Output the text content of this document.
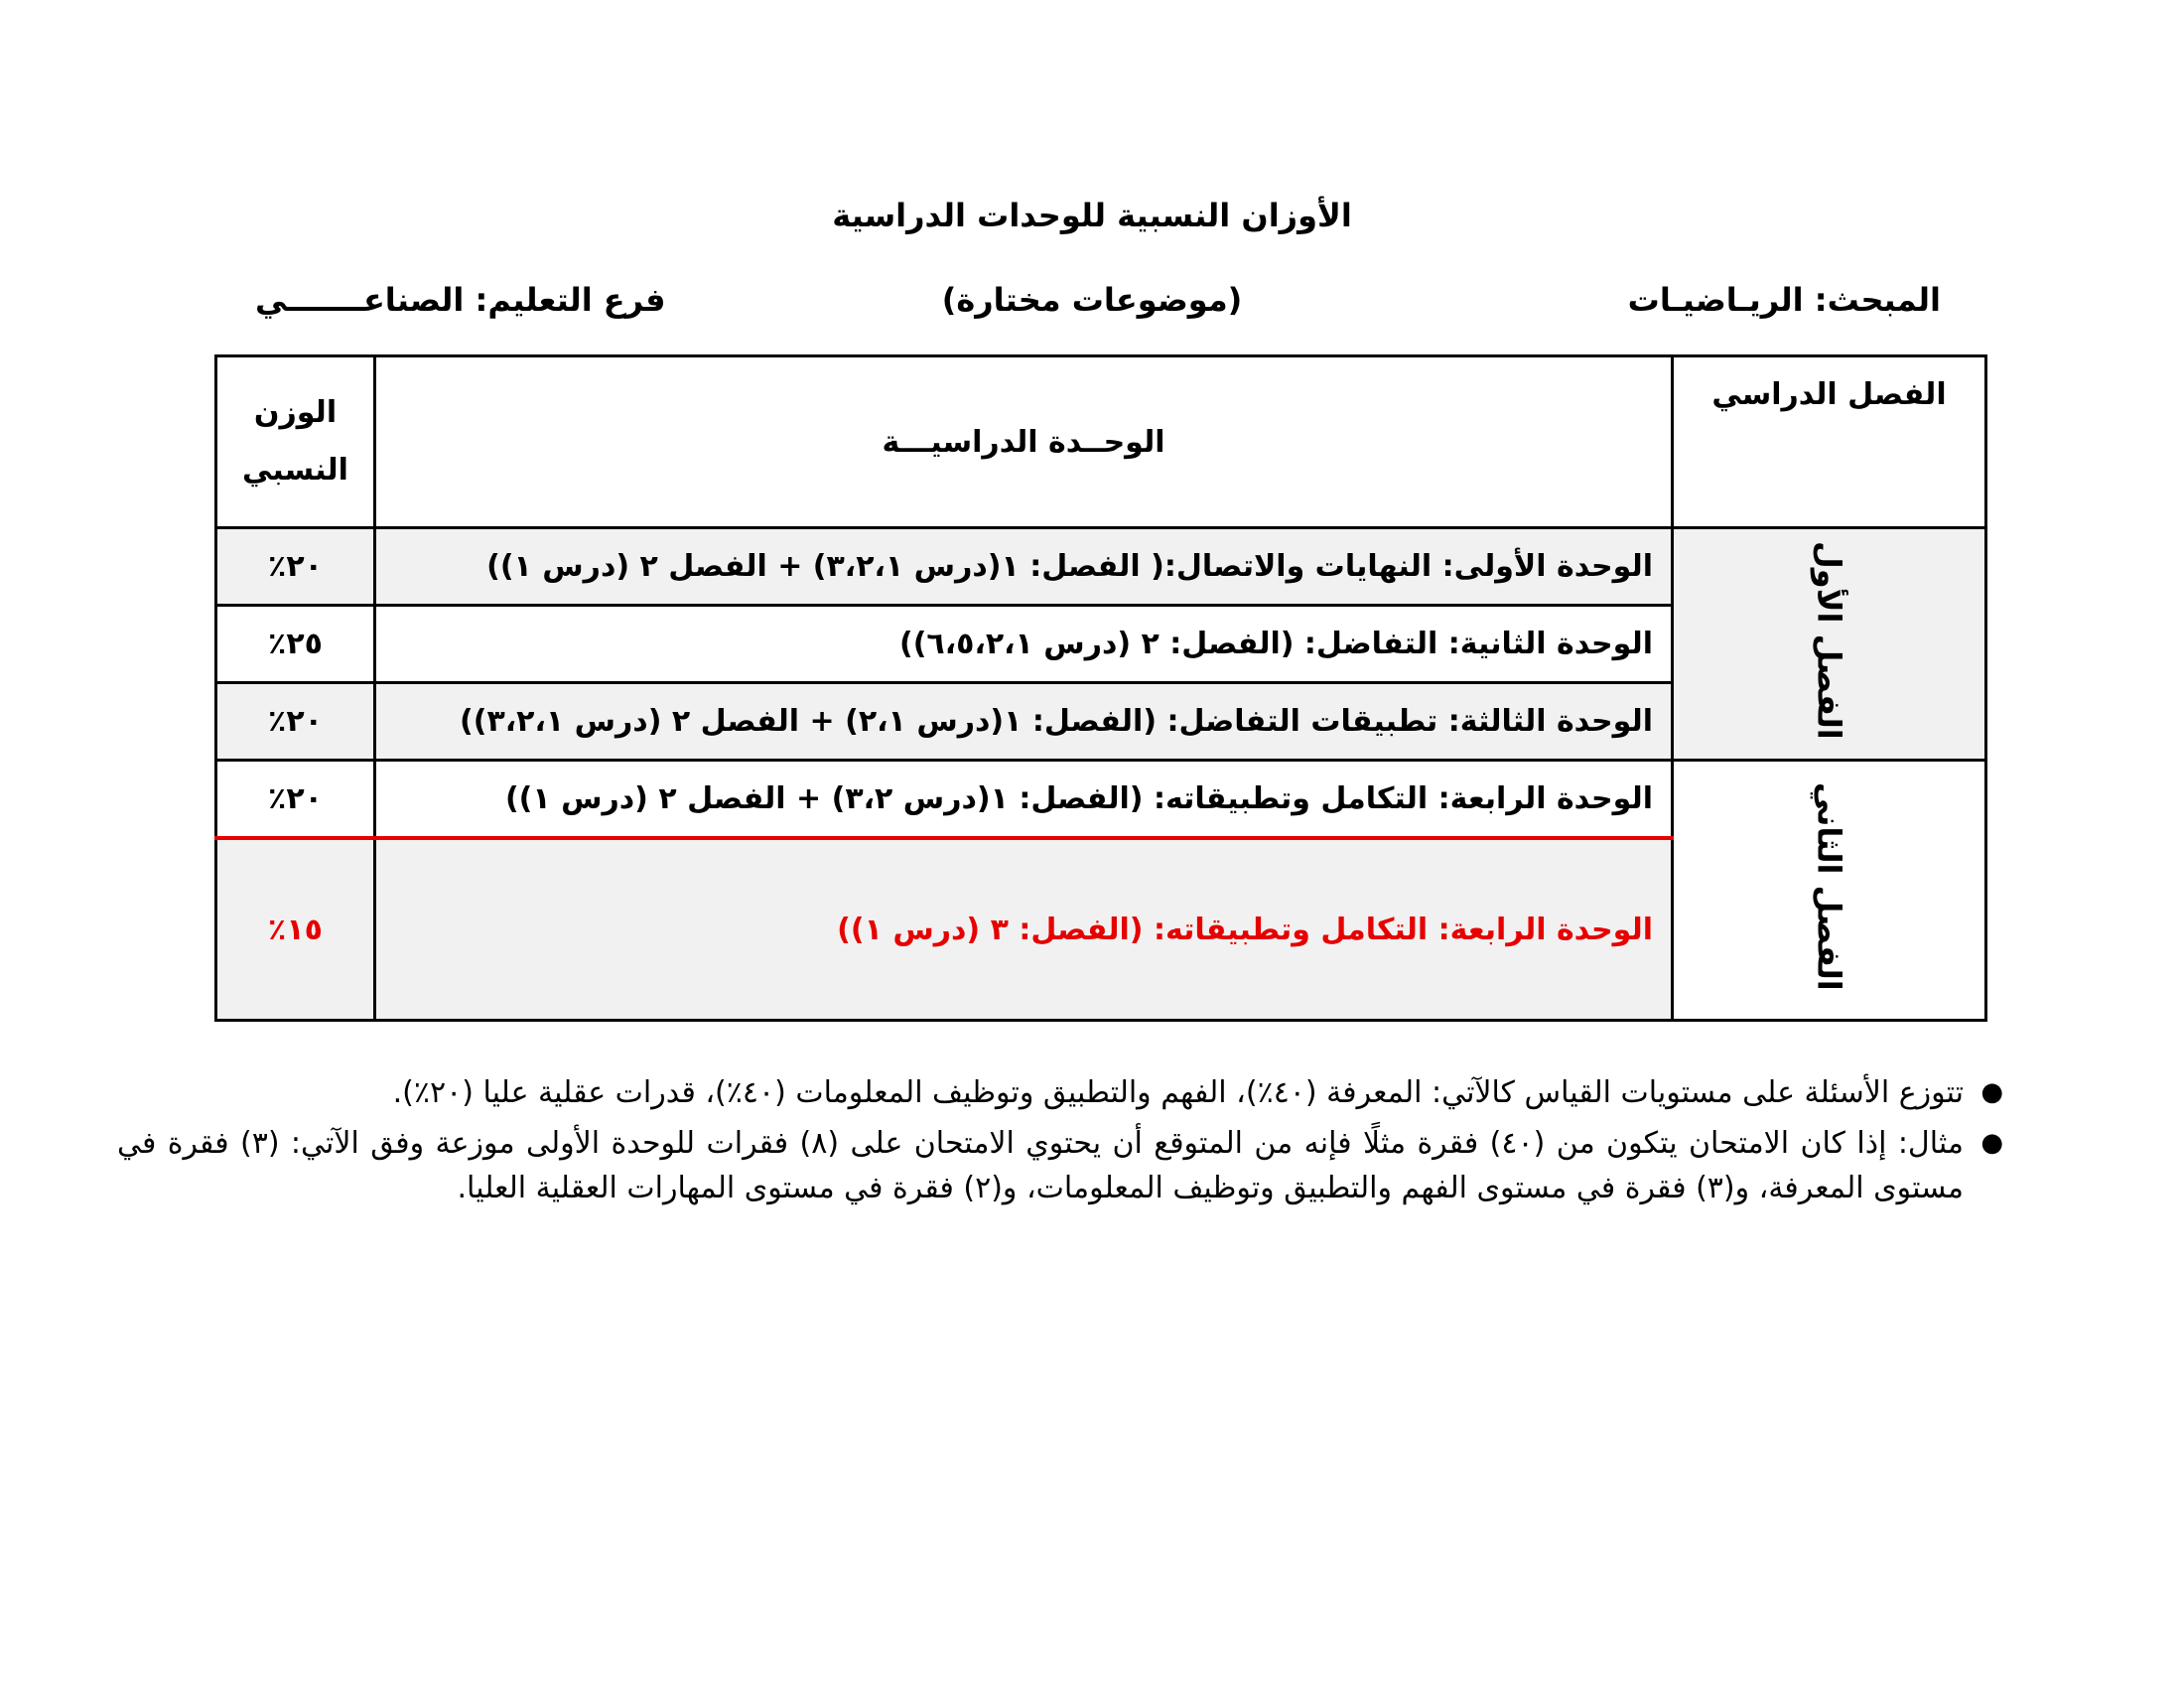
الأوزان النسبية للوحدات الدراسية
المبحث: الريـاضيـات
(موضوعات مختارة)
فرع التعليم: الصناعـــــــي
الفصل الدراسي	الوحــدة الدراسيـــة	الوزن
النسبي

الفصل الأول	الوحدة الأولى: النهايات والاتصال:( الفصل: ١(درس ٣،٢،١) + الفصل ٢ (درس ١))	٢٠٪
	الوحدة الثانية: التفاضل: (الفصل: ٢ (درس ٦،٥،٢،١))	٢٥٪
	الوحدة الثالثة: تطبيقات التفاضل: (الفصل: ١(درس ٢،١) + الفصل ٢ (درس ٣،٢،١))	٢٠٪
الفصل الثاني	الوحدة الرابعة: التكامل وتطبيقاته: (الفصل: ١(درس ٣،٢) + الفصل ٢ (درس ١))	٢٠٪
	الوحدة الرابعة: التكامل وتطبيقاته: (الفصل: ٣ (درس ١))	١٥٪
●
تتوزع الأسئلة على مستويات القياس كالآتي: المعرفة (٤٠٪)، الفهم والتطبيق وتوظيف المعلومات (٤٠٪)، قدرات عقلية عليا (٢٠٪).
●
مثال: إذا كان الامتحان يتكون من (٤٠) فقرة مثلًا فإنه من المتوقع أن يحتوي الامتحان على (٨) فقرات للوحدة الأولى موزعة وفق الآتي: (٣) فقرة في مستوى المعرفة، و(٣) فقرة في مستوى الفهم والتطبيق وتوظيف المعلومات، و(٢) فقرة في مستوى المهارات العقلية العليا.
